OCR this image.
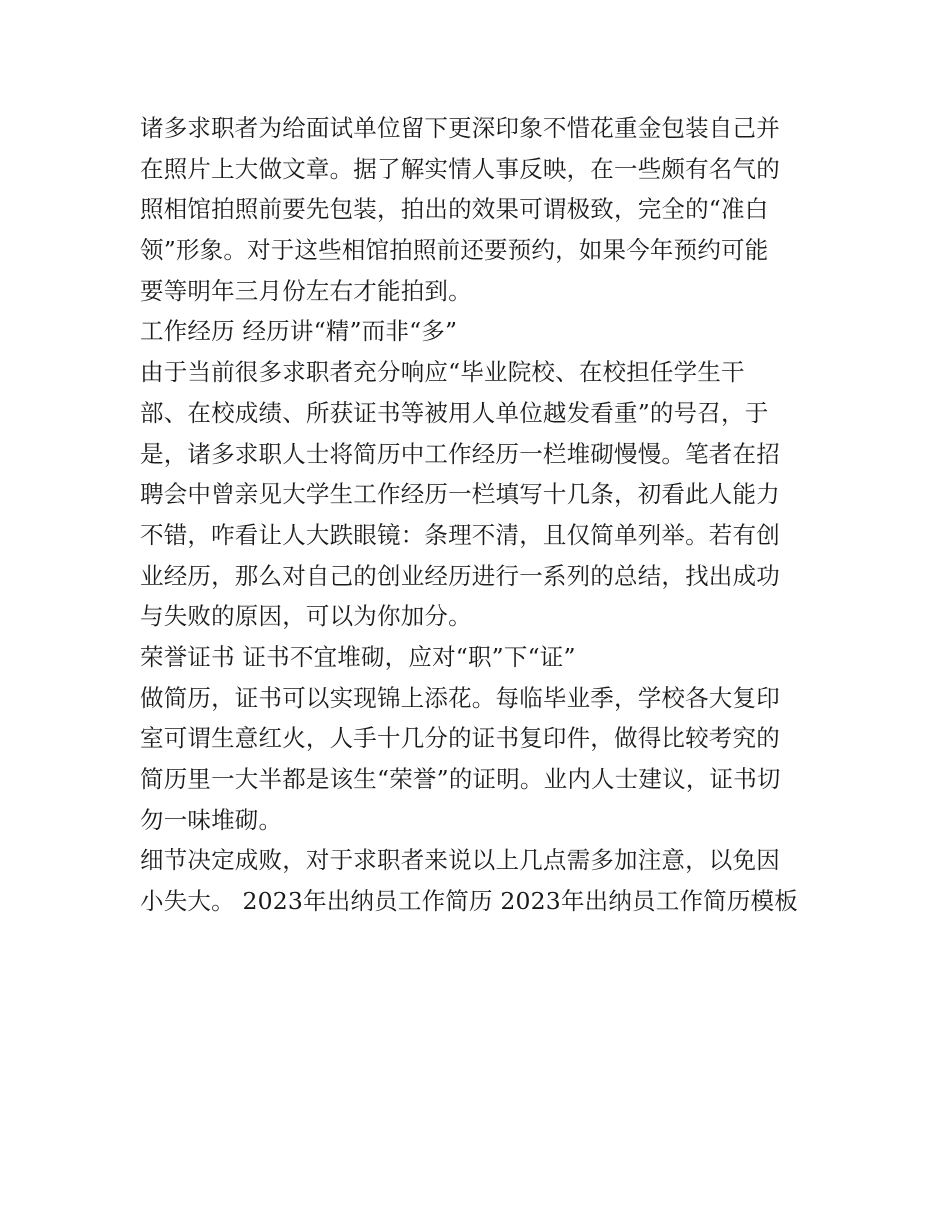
诸多求职者为给面试单位留下更深印象不惜花重金包装自己并
在照片上大做文章。据了解实情人事反映，在一些颇有名气的
照相馆拍照前要先包装，拍出的效果可谓极致，完全的“准白
领”形象。对于这些相馆拍照前还要预约，如果今年预约可能
要等明年三月份左右才能拍到。
工作经历 经历讲“精”而非“多”
由于当前很多求职者充分响应“毕业院校、在校担任学生干
部、在校成绩、所获证书等被用人单位越发看重”的号召，于
是，诸多求职人士将简历中工作经历一栏堆砌慢慢。笔者在招
聘会中曾亲见大学生工作经历一栏填写十几条，初看此人能力
不错，咋看让人大跌眼镜：条理不清，且仅简单列举。若有创
业经历，那么对自己的创业经历进行一系列的总结，找出成功
与失败的原因，可以为你加分。
荣誉证书 证书不宜堆砌，应对“职”下“证”
做简历，证书可以实现锦上添花。每临毕业季，学校各大复印
室可谓生意红火，人手十几分的证书复印件，做得比较考究的
简历里一大半都是该生“荣誉”的证明。业内人士建议，证书切
勿一味堆砌。
细节决定成败，对于求职者来说以上几点需多加注意，以免因
小失大。 2023年出纳员工作简历 2023年出纳员工作简历模板
